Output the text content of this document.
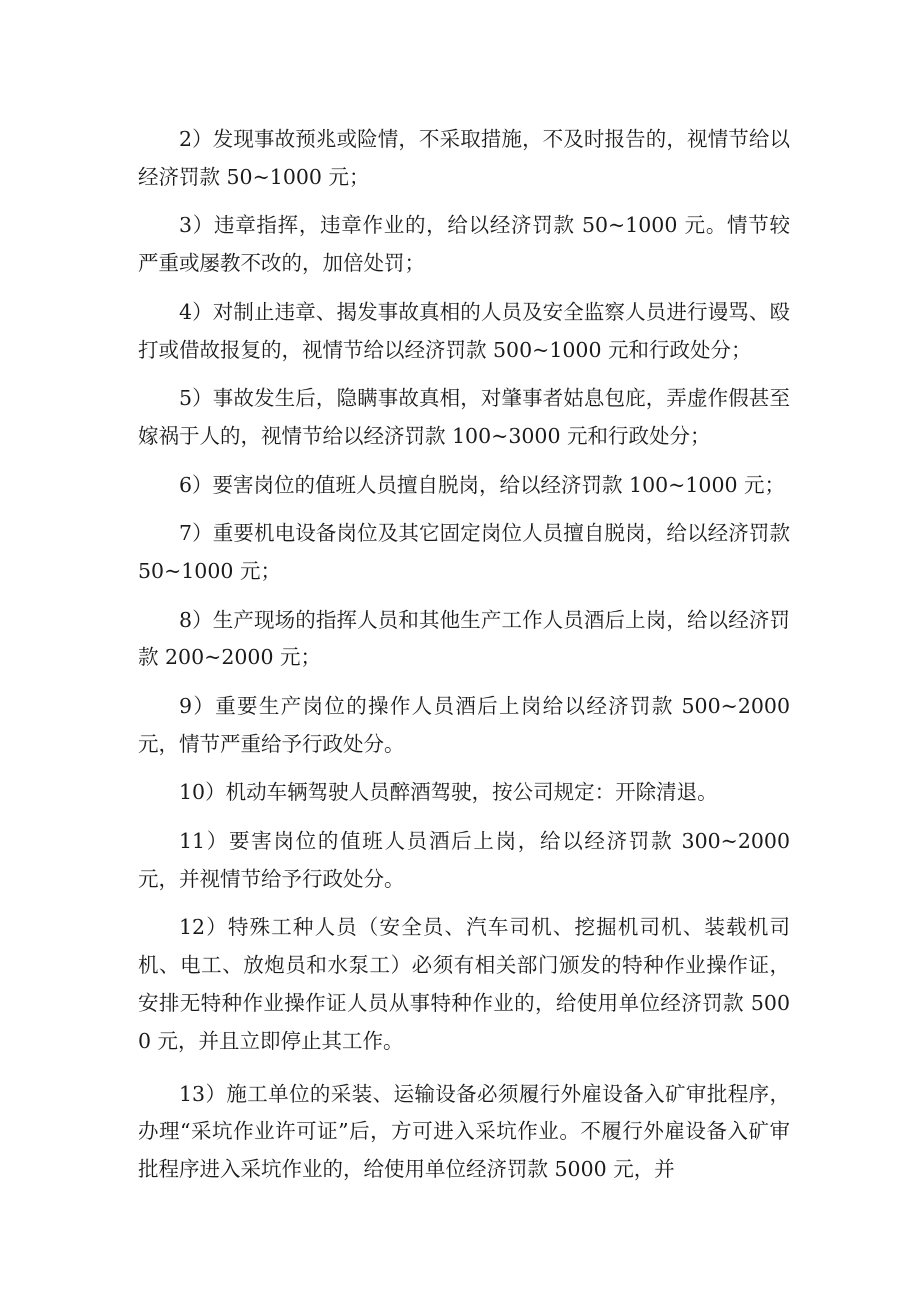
2）发现事故预兆或险情，不采取措施，不及时报告的，视情节给以经济罚款 50~1000 元；

3）违章指挥，违章作业的，给以经济罚款 50~1000 元。情节较严重或屡教不改的，加倍处罚；

4）对制止违章、揭发事故真相的人员及安全监察人员进行谩骂、殴打或借故报复的，视情节给以经济罚款 500~1000 元和行政处分；

5）事故发生后，隐瞒事故真相，对肇事者姑息包庇，弄虚作假甚至嫁祸于人的，视情节给以经济罚款 100~3000 元和行政处分；

6）要害岗位的值班人员擅自脱岗，给以经济罚款 100~1000 元；

7）重要机电设备岗位及其它固定岗位人员擅自脱岗，给以经济罚款 50~1000 元；

8）生产现场的指挥人员和其他生产工作人员酒后上岗，给以经济罚款 200~2000 元；

9）重要生产岗位的操作人员酒后上岗给以经济罚款 500~2000 元，情节严重给予行政处分。

10）机动车辆驾驶人员醉酒驾驶，按公司规定：开除清退。

11）要害岗位的值班人员酒后上岗，给以经济罚款 300~2000 元，并视情节给予行政处分。

12）特殊工种人员（安全员、汽车司机、挖掘机司机、装载机司机、电工、放炮员和水泵工）必须有相关部门颁发的特种作业操作证，安排无特种作业操作证人员从事特种作业的，给使用单位经济罚款 5000 元，并且立即停止其工作。

13）施工单位的采装、运输设备必须履行外雇设备入矿审批程序，办理“采坑作业许可证”后，方可进入采坑作业。不履行外雇设备入矿审批程序进入采坑作业的，给使用单位经济罚款 5000 元，并
